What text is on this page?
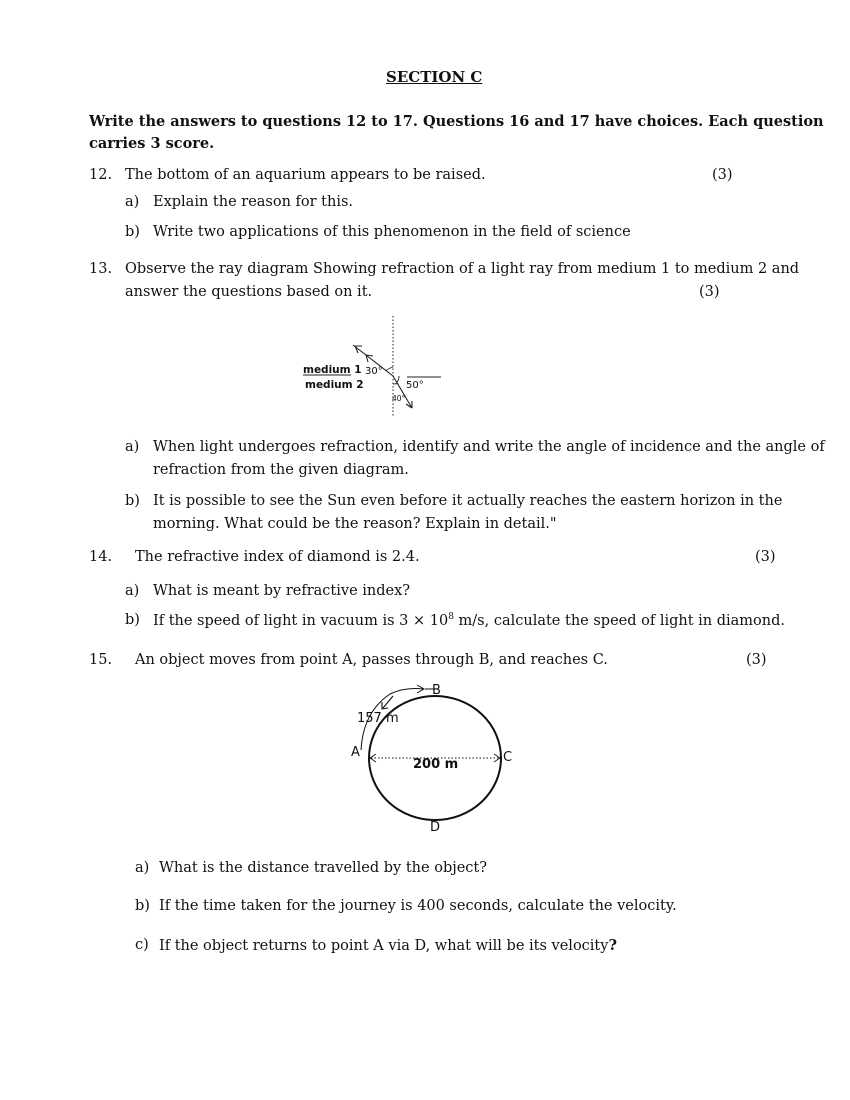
SECTION C
Write the answers to questions 12 to 17. Questions 16 and 17 have choices. Each question
carries 3 score.
12. The bottom of an aquarium appears to be raised.	(3)
a) Explain the reason for this.
b) Write two applications of this phenomenon in the field of science
13. Observe the ray diagram Showing refraction of a light ray from medium 1 to medium 2 and
answer the questions based on it.	(3)
medium 1
medium 2
30°
50°
40°
a) When light undergoes refraction, identify and write the angle of incidence and the angle of
refraction from the given diagram.
b) It is possible to see the Sun even before it actually reaches the eastern horizon in the
morning. What could be the reason? Explain in detail."
14. The refractive index of diamond is 2.4.	(3)
a) What is meant by refractive index?
b) If the speed of light in vacuum is $3 \times 10^8$ m/s, calculate the speed of light in diamond.
15. An object moves from point A, passes through B, and reaches C.	(3)
B
157 m
A	C
200 m
D
a) What is the distance travelled by the object?
b) If the time taken for the journey is 400 seconds, calculate the velocity.
c) If the object returns to point A via D, what will be its velocity?
